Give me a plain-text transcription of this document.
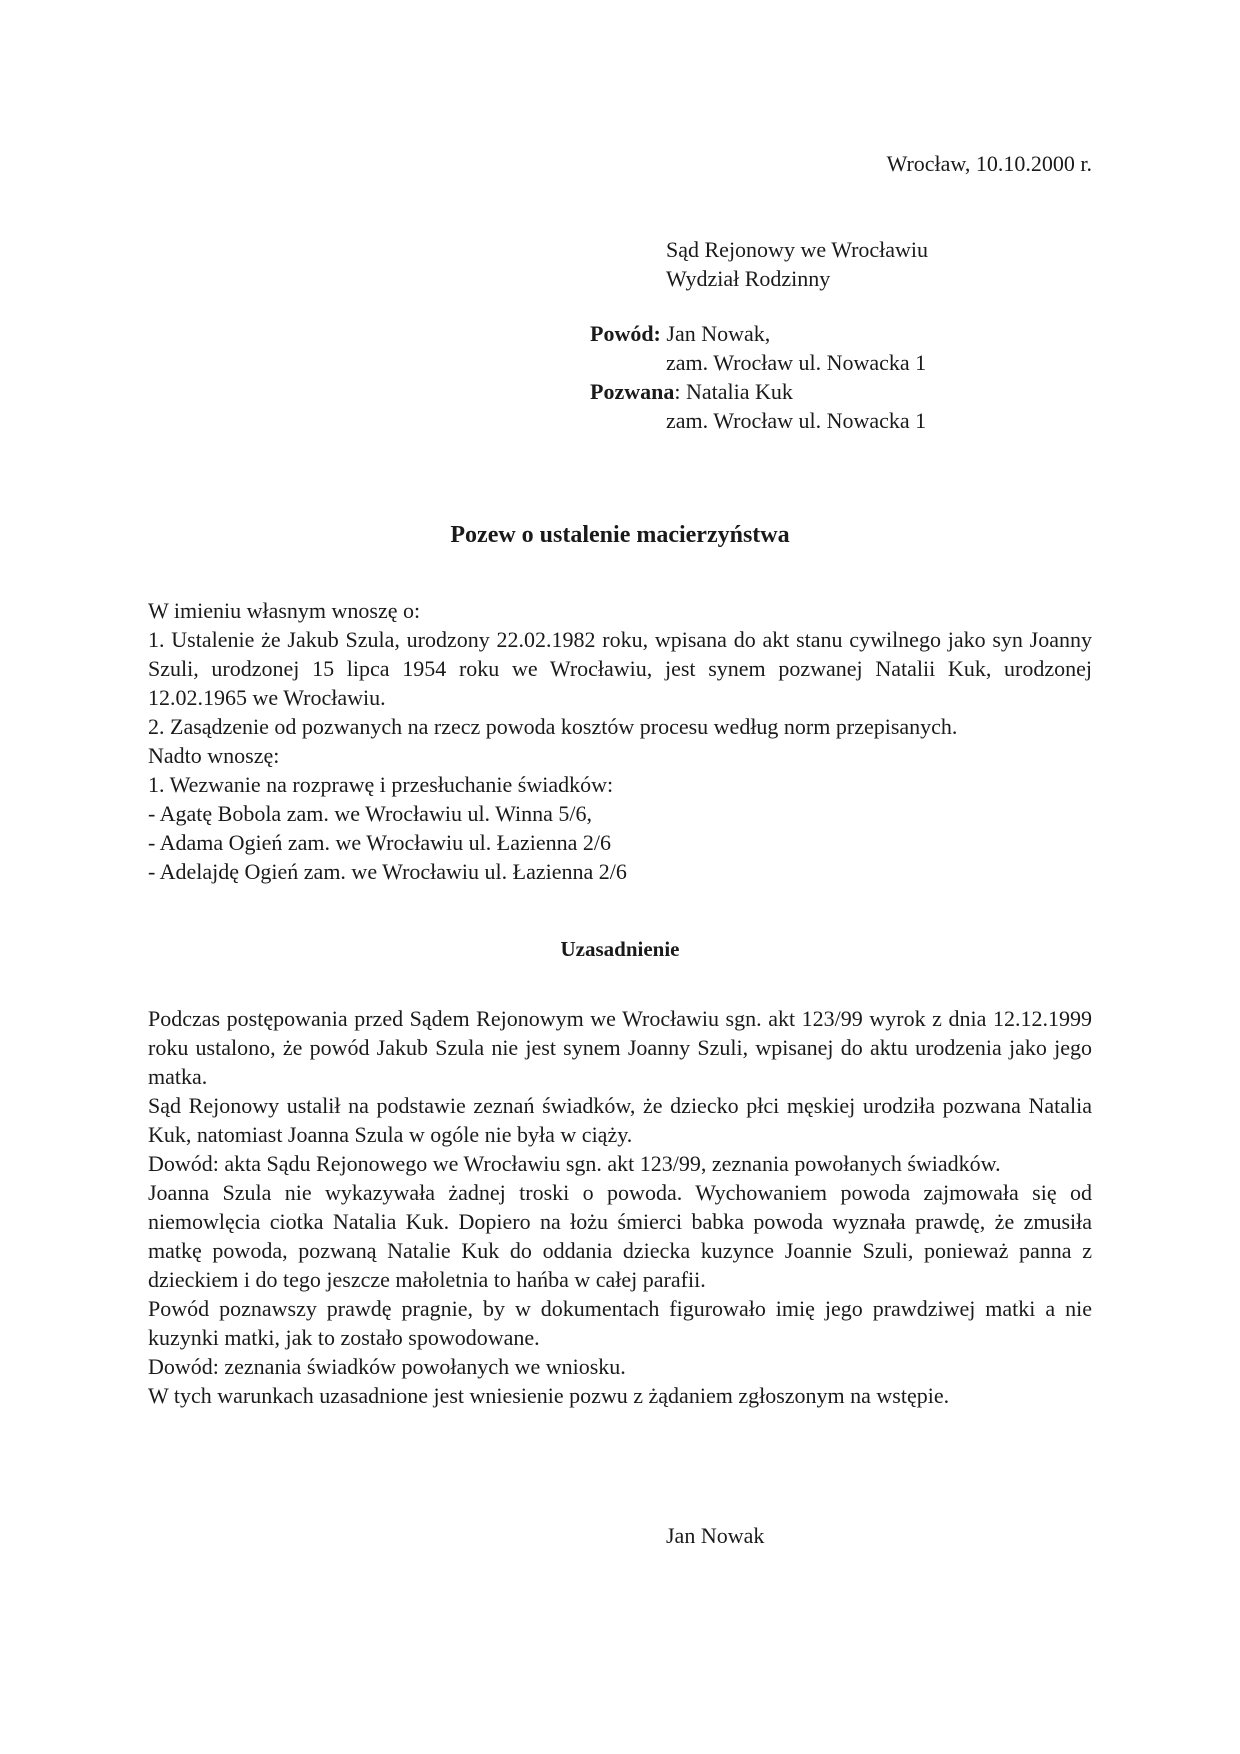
Wrocław, 10.10.2000 r.
Sąd Rejonowy we Wrocławiu
Wydział Rodzinny
Powód: Jan Nowak,
zam. Wrocław ul. Nowacka 1
Pozwana: Natalia Kuk
zam. Wrocław ul. Nowacka 1
Pozew o ustalenie macierzyństwa

W imieniu własnym wnoszę o:

1. Ustalenie że Jakub Szula, urodzony 22.02.1982 roku, wpisana do akt stanu cywilnego jako syn Joanny Szuli, urodzonej 15 lipca 1954 roku we Wrocławiu, jest synem pozwanej Natalii Kuk, urodzonej 12.02.1965 we Wrocławiu.

2. Zasądzenie od pozwanych na rzecz powoda kosztów procesu według norm przepisanych.

Nadto wnoszę:

1. Wezwanie na rozprawę i przesłuchanie świadków:

- Agatę Bobola zam. we Wrocławiu ul. Winna 5/6,

- Adama Ogień zam. we Wrocławiu ul. Łazienna 2/6

- Adelajdę Ogień zam. we Wrocławiu ul. Łazienna 2/6

Uzasadnienie

Podczas postępowania przed Sądem Rejonowym we Wrocławiu sgn. akt 123/99 wyrok z dnia 12.12.1999 roku ustalono, że powód Jakub Szula nie jest synem Joanny Szuli, wpisanej do aktu urodzenia jako jego matka.

Sąd Rejonowy ustalił na podstawie zeznań świadków, że dziecko płci męskiej urodziła pozwana Natalia Kuk, natomiast Joanna Szula w ogóle nie była w ciąży.

Dowód: akta Sądu Rejonowego we Wrocławiu sgn. akt 123/99, zeznania powołanych świadków.

Joanna Szula nie wykazywała żadnej troski o powoda. Wychowaniem powoda zajmowała się od niemowlęcia ciotka Natalia Kuk. Dopiero na łożu śmierci babka powoda wyznała prawdę, że zmusiła matkę powoda, pozwaną Natalie Kuk do oddania dziecka kuzyncе Joannie Szuli, ponieważ panna z dzieckiem i do tego jeszcze małoletnia to hańba w całej parafii.

Powód poznawszy prawdę pragnie, by w dokumentach figurowało imię jego prawdziwej matki a nie kuzynki matki, jak to zostało spowodowane.

Dowód: zeznania świadków powołanych we wniosku.

W tych warunkach uzasadnione jest wniesienie pozwu z żądaniem zgłoszonym na wstępie.

Jan Nowak
